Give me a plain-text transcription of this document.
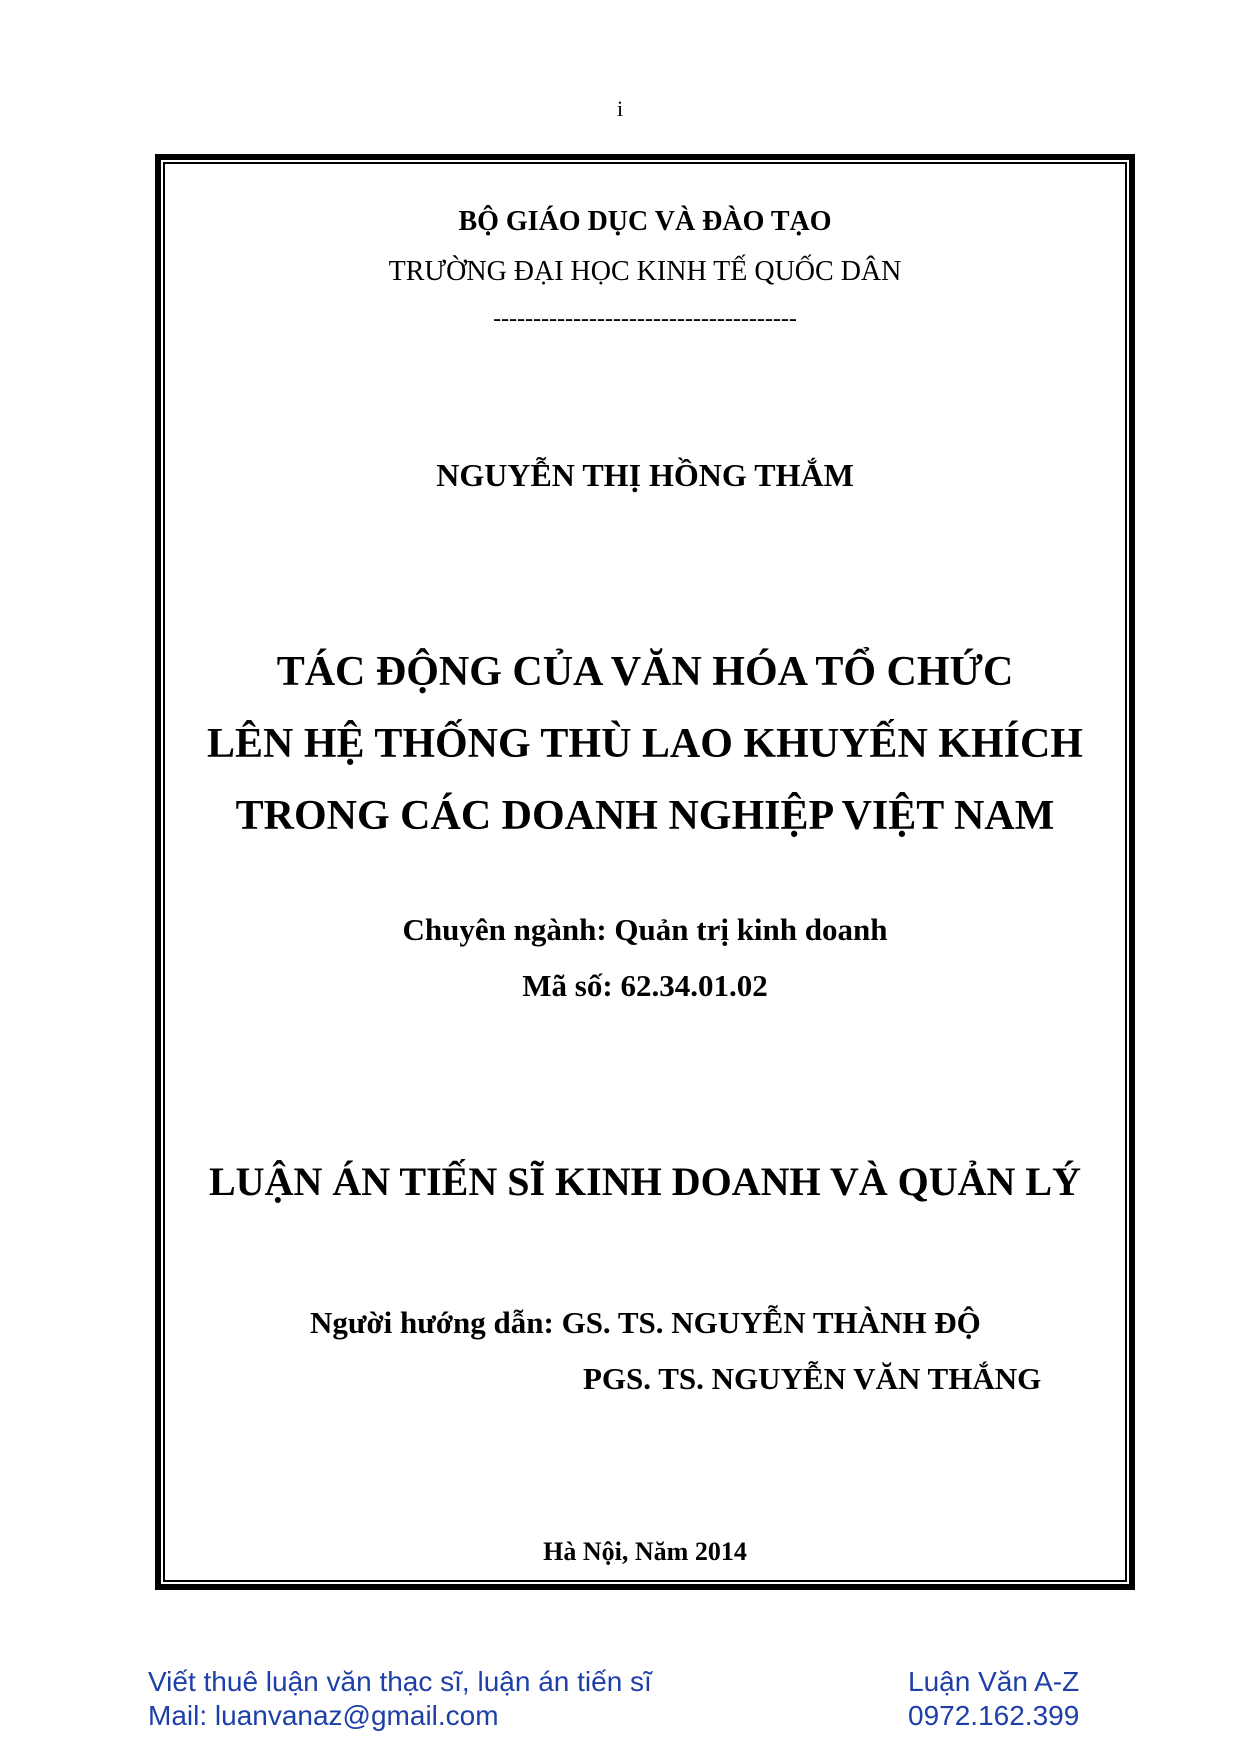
i
BỘ GIÁO DỤC VÀ ĐÀO TẠO
TRƯỜNG ĐẠI HỌC KINH TẾ QUỐC DÂN
--------------------------------------
NGUYỄN THỊ HỒNG THẮM
TÁC ĐỘNG CỦA VĂN HÓA TỔ CHỨC
LÊN HỆ THỐNG THÙ LAO KHUYẾN KHÍCH
TRONG CÁC DOANH NGHIỆP VIỆT NAM
Chuyên ngành: Quản trị kinh doanh
Mã số: 62.34.01.02
LUẬN ÁN TIẾN SĨ KINH DOANH VÀ QUẢN LÝ
Người hướng dẫn: GS. TS. NGUYỄN THÀNH ĐỘ
PGS. TS. NGUYỄN VĂN THẮNG
Hà Nội, Năm 2014
Viết thuê luận văn thạc sĩ, luận án tiến sĩ
Mail: luanvanaz@gmail.com
Luận Văn A-Z
0972.162.399
